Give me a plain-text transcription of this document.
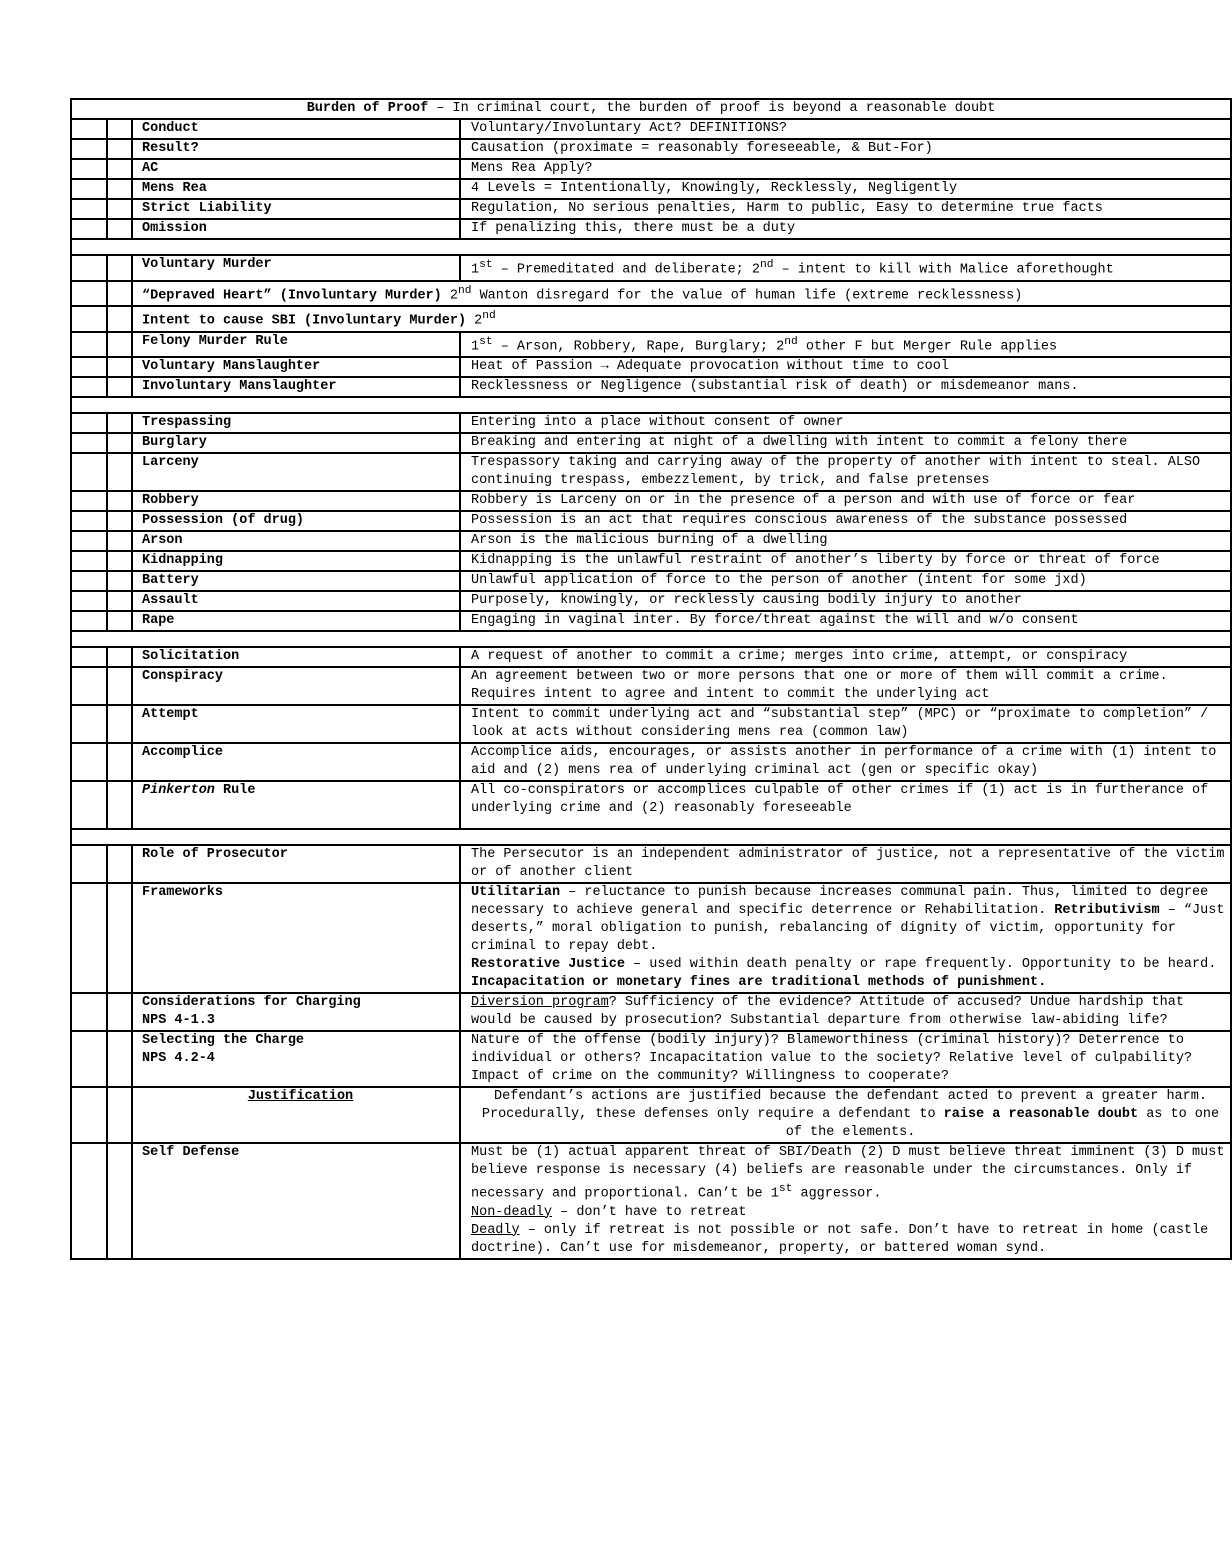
Burden of Proof – In criminal court, the burden of proof is beyond a reasonable doubt			
		Conduct	Voluntary/Involuntary Act? DEFINITIONS?
		Result?	Causation (proximate = reasonably foreseeable, & But-For)
		AC	Mens Rea Apply?
		Mens Rea	4 Levels = Intentionally, Knowingly, Recklessly, Negligently
		Strict Liability	Regulation, No serious penalties, Harm to public, Easy to determine true facts
		Omission	If penalizing this, there must be a duty

		Voluntary Murder	1st – Premeditated and deliberate; 2nd – intent to kill with Malice aforethought
		“Depraved Heart” (Involuntary Murder) 2nd Wanton disregard for the value of human life (extreme recklessness)	
		Intent to cause SBI (Involuntary Murder) 2nd
		Felony Murder Rule	1st – Arson, Robbery, Rape, Burglary; 2nd other F but Merger Rule applies
		Voluntary Manslaughter	Heat of Passion → Adequate provocation without time to cool
		Involuntary Manslaughter	Recklessness or Negligence (substantial risk of death) or misdemeanor mans.

		Trespassing	Entering into a place without consent of owner
		Burglary	Breaking and entering at night of a dwelling with intent to commit a felony there
		Larceny	Trespassory taking and carrying away of the property of another with intent to steal. ALSO continuing trespass, embezzlement, by trick, and false pretenses
		Robbery	Robbery is Larceny on or in the presence of a person and with use of force or fear
		Possession (of drug)	Possession is an act that requires conscious awareness of the substance possessed
		Arson	Arson is the malicious burning of a dwelling
		Kidnapping	Kidnapping is the unlawful restraint of another’s liberty by force or threat of force
		Battery	Unlawful application of force to the person of another (intent for some jxd)
		Assault	Purposely, knowingly, or recklessly causing bodily injury to another
		Rape	Engaging in vaginal inter. By force/threat against the will and w/o consent

		Solicitation	A request of another to commit a crime; merges into crime, attempt, or conspiracy
		Conspiracy	An agreement between two or more persons that one or more of them will commit a crime. Requires intent to agree and intent to commit the underlying act
		Attempt	Intent to commit underlying act and “substantial step” (MPC) or “proximate to completion” / look at acts without considering mens rea (common law)
		Accomplice	Accomplice aids, encourages, or assists another in performance of a crime with (1) intent to aid and (2) mens rea of underlying criminal act (gen or specific okay)
		Pinkerton Rule	All co-conspirators or accomplices culpable of other crimes if (1) act is in furtherance of underlying crime and (2) reasonably foreseeable

		Role of Prosecutor	The Persecutor is an independent administrator of justice, not a representative of the victim or of another client
		Frameworks	Utilitarian – reluctance to punish because increases communal pain. Thus, limited to degree necessary to achieve general and specific deterrence or Rehabilitation. Retributivism – “Just deserts,” moral obligation to punish, rebalancing of dignity of victim, opportunity for criminal to repay debt.
Restorative Justice – used within death penalty or rape frequently. Opportunity to be heard.
Incapacitation or monetary fines are traditional methods of punishment.

		Considerations for Charging
NPS 4-1.3	Diversion program? Sufficiency of the evidence? Attitude of accused? Undue hardship that would be caused by prosecution? Substantial departure from otherwise law-abiding life?

		Selecting the Charge
NPS 4.2-4	Nature of the offense (bodily injury)? Blameworthiness (criminal history)? Deterrence to individual or others? Incapacitation value to the society? Relative level of culpability? Impact of crime on the community? Willingness to cooperate?
		Justification	Defendant’s actions are justified because the defendant acted to prevent a greater harm. Procedurally, these defenses only require a defendant to raise a reasonable doubt as to one of the elements.
		Self Defense	Must be (1) actual apparent threat of SBI/Death (2) D must believe threat imminent (3) D must believe response is necessary (4) beliefs are reasonable under the circumstances. Only if necessary and proportional. Can’t be 1st aggressor.
Non-deadly – don’t have to retreat
Deadly – only if retreat is not possible or not safe. Don’t have to retreat in home (castle doctrine). Can’t use for misdemeanor, property, or battered woman synd.
